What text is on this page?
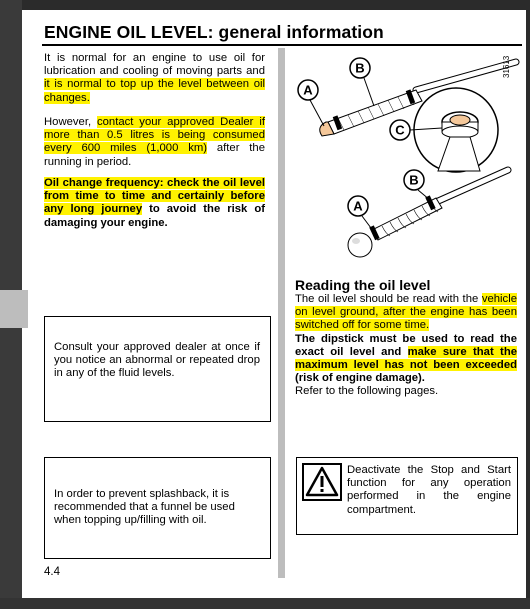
ENGINE OIL LEVEL: general information

It is normal for an engine to use oil for lubrication and cooling of moving parts and it is normal to top up the level between oil changes.

However, contact your approved Dealer if more than 0.5 litres is being consumed every 600 miles (1,000 km) after the running in period.

Oil change frequency: check the oil level from time to time and certainly before any long journey to avoid the risk of damaging your engine.

Consult your approved dealer at once if you notice an abnormal or repeated drop in any of the fluid levels.

In order to prevent splashback, it is recommended that a funnel be used when topping up/filling with oil.

A
B
C
A
B
31613
Reading the oil level

The oil level should be read with the vehicle on level ground, after the engine has been switched off for some time.
The dipstick must be used to read the exact oil level and make sure that the maximum level has not been exceeded (risk of engine damage).
Refer to the following pages.

Deactivate the Stop and Start function for any operation performed in the engine compartment.

4.4
